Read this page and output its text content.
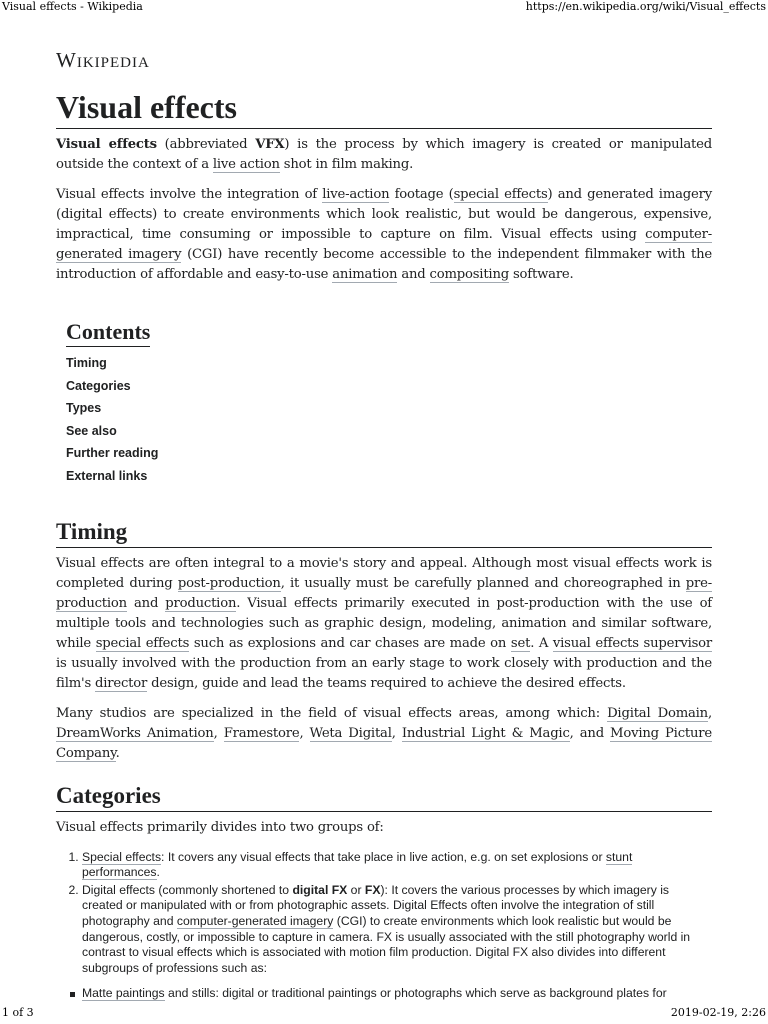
Visual effects - Wikipedia	https://en.wikipedia.org/wiki/Visual_effects
Wikipedia
Visual effects

Visual effects (abbreviated VFX) is the process by which imagery is created or manipulated outside the context of a live action shot in film making.

Visual effects involve the integration of live-action footage (special effects) and generated imagery (digital effects) to create environments which look realistic, but would be dangerous, expensive, impractical, time consuming or impossible to capture on film. Visual effects using computer-generated imagery (CGI) have recently become accessible to the independent filmmaker with the introduction of affordable and easy-to-use animation and compositing software.

Contents
Timing
Categories
Types
See also
Further reading
External links
Timing

Visual effects are often integral to a movie's story and appeal. Although most visual effects work is completed during post-production, it usually must be carefully planned and choreographed in pre-production and production. Visual effects primarily executed in post-production with the use of multiple tools and technologies such as graphic design, modeling, animation and similar software, while special effects such as explosions and car chases are made on set. A visual effects supervisor is usually involved with the production from an early stage to work closely with production and the film's director design, guide and lead the teams required to achieve the desired effects.

Many studios are specialized in the field of visual effects areas, among which: Digital Domain, DreamWorks Animation, Framestore, Weta Digital, Industrial Light & Magic, and Moving Picture Company.

Categories

Visual effects primarily divides into two groups of:

1. Special effects: It covers any visual effects that take place in live action, e.g. on set explosions or stunt performances.
2. Digital effects (commonly shortened to digital FX or FX): It covers the various processes by which imagery is created or manipulated with or from photographic assets. Digital Effects often involve the integration of still photography and computer-generated imagery (CGI) to create environments which look realistic but would be dangerous, costly, or impossible to capture in camera. FX is usually associated with the still photography world in contrast to visual effects which is associated with motion film production. Digital FX also divides into different subgroups of professions such as:
Matte paintings and stills: digital or traditional paintings or photographs which serve as background plates for
1 of 3	2019-02-19, 2:26
